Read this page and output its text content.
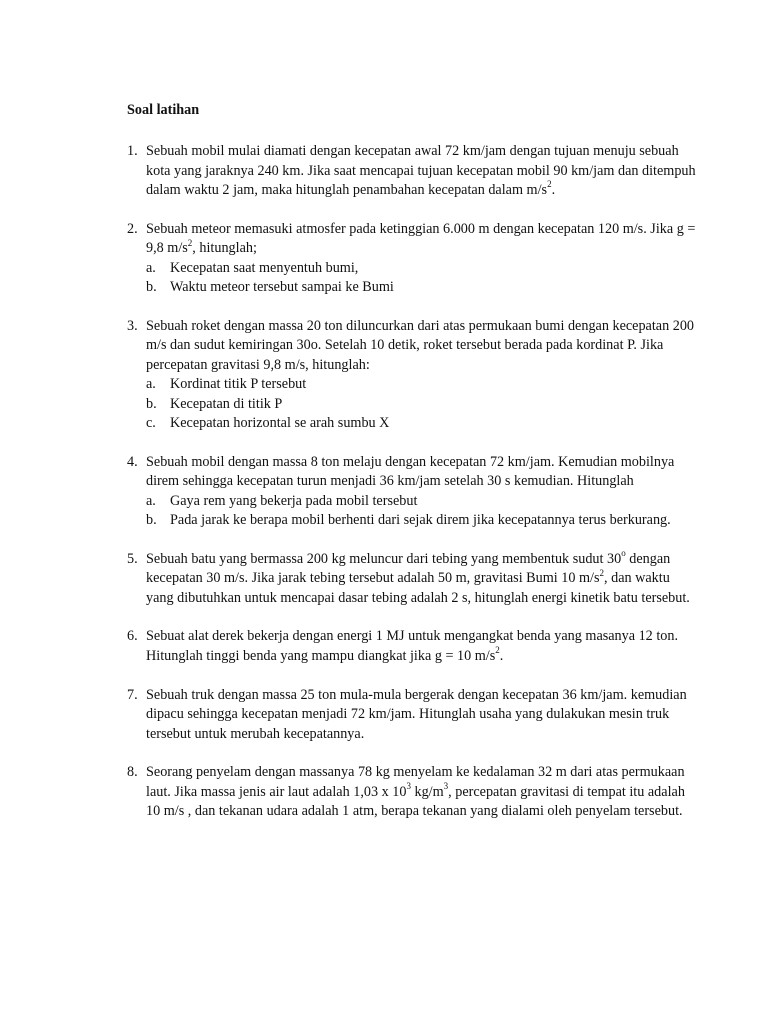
Soal latihan
1. Sebuah mobil mulai diamati dengan kecepatan awal 72 km/jam dengan tujuan menuju sebuah kota yang jaraknya 240 km. Jika saat mencapai tujuan kecepatan mobil 90 km/jam dan ditempuh dalam waktu 2 jam, maka hitunglah penambahan kecepatan dalam $m/s^2$.
2. Sebuah meteor memasuki atmosfer pada ketinggian 6.000 m dengan kecepatan 120 m/s. Jika g = 9,8 $m/s^2$, hitunglah;
a. Kecepatan saat menyentuh bumi,
b. Waktu meteor tersebut sampai ke Bumi
3. Sebuah roket dengan massa 20 ton diluncurkan dari atas permukaan bumi dengan kecepatan 200 m/s dan sudut kemiringan 30o. Setelah 10 detik, roket tersebut berada pada kordinat P. Jika percepatan gravitasi 9,8 m/s, hitunglah:
a. Kordinat titik P tersebut
b. Kecepatan di titik P
c. Kecepatan horizontal se arah sumbu X
4. Sebuah mobil dengan massa 8 ton melaju dengan kecepatan 72 km/jam. Kemudian mobilnya direm sehingga kecepatan turun menjadi 36 km/jam setelah 30 s kemudian. Hitunglah
a. Gaya rem yang bekerja pada mobil tersebut
b. Pada jarak ke berapa mobil berhenti dari sejak direm jika kecepatannya terus berkurang.
5. Sebuah batu yang bermassa 200 kg meluncur dari tebing yang membentuk sudut 30$^o$ dengan kecepatan 30 m/s. Jika jarak tebing tersebut adalah 50 m, gravitasi Bumi 10 $m/s^2$, dan waktu yang dibutuhkan untuk mencapai dasar tebing adalah 2 s, hitunglah energi kinetik batu tersebut.
6. Sebuat alat derek bekerja dengan energi 1 MJ untuk mengangkat benda yang masanya 12 ton. Hitunglah tinggi benda yang mampu diangkat jika g = 10 $m/s^2$.
7. Sebuah truk dengan massa 25 ton mula-mula bergerak dengan kecepatan 36 km/jam. kemudian dipacu sehingga kecepatan menjadi 72 km/jam. Hitunglah usaha yang dulakukan mesin truk tersebut untuk merubah kecepatannya.
8. Seorang penyelam dengan massanya 78 kg menyelam ke kedalaman 32 m dari atas permukaan laut. Jika massa jenis air laut adalah 1,03 x $10^3$ $kg/m^3$, percepatan gravitasi di tempat itu adalah 10 m/s , dan tekanan udara adalah 1 atm, berapa tekanan yang dialami oleh penyelam tersebut.
